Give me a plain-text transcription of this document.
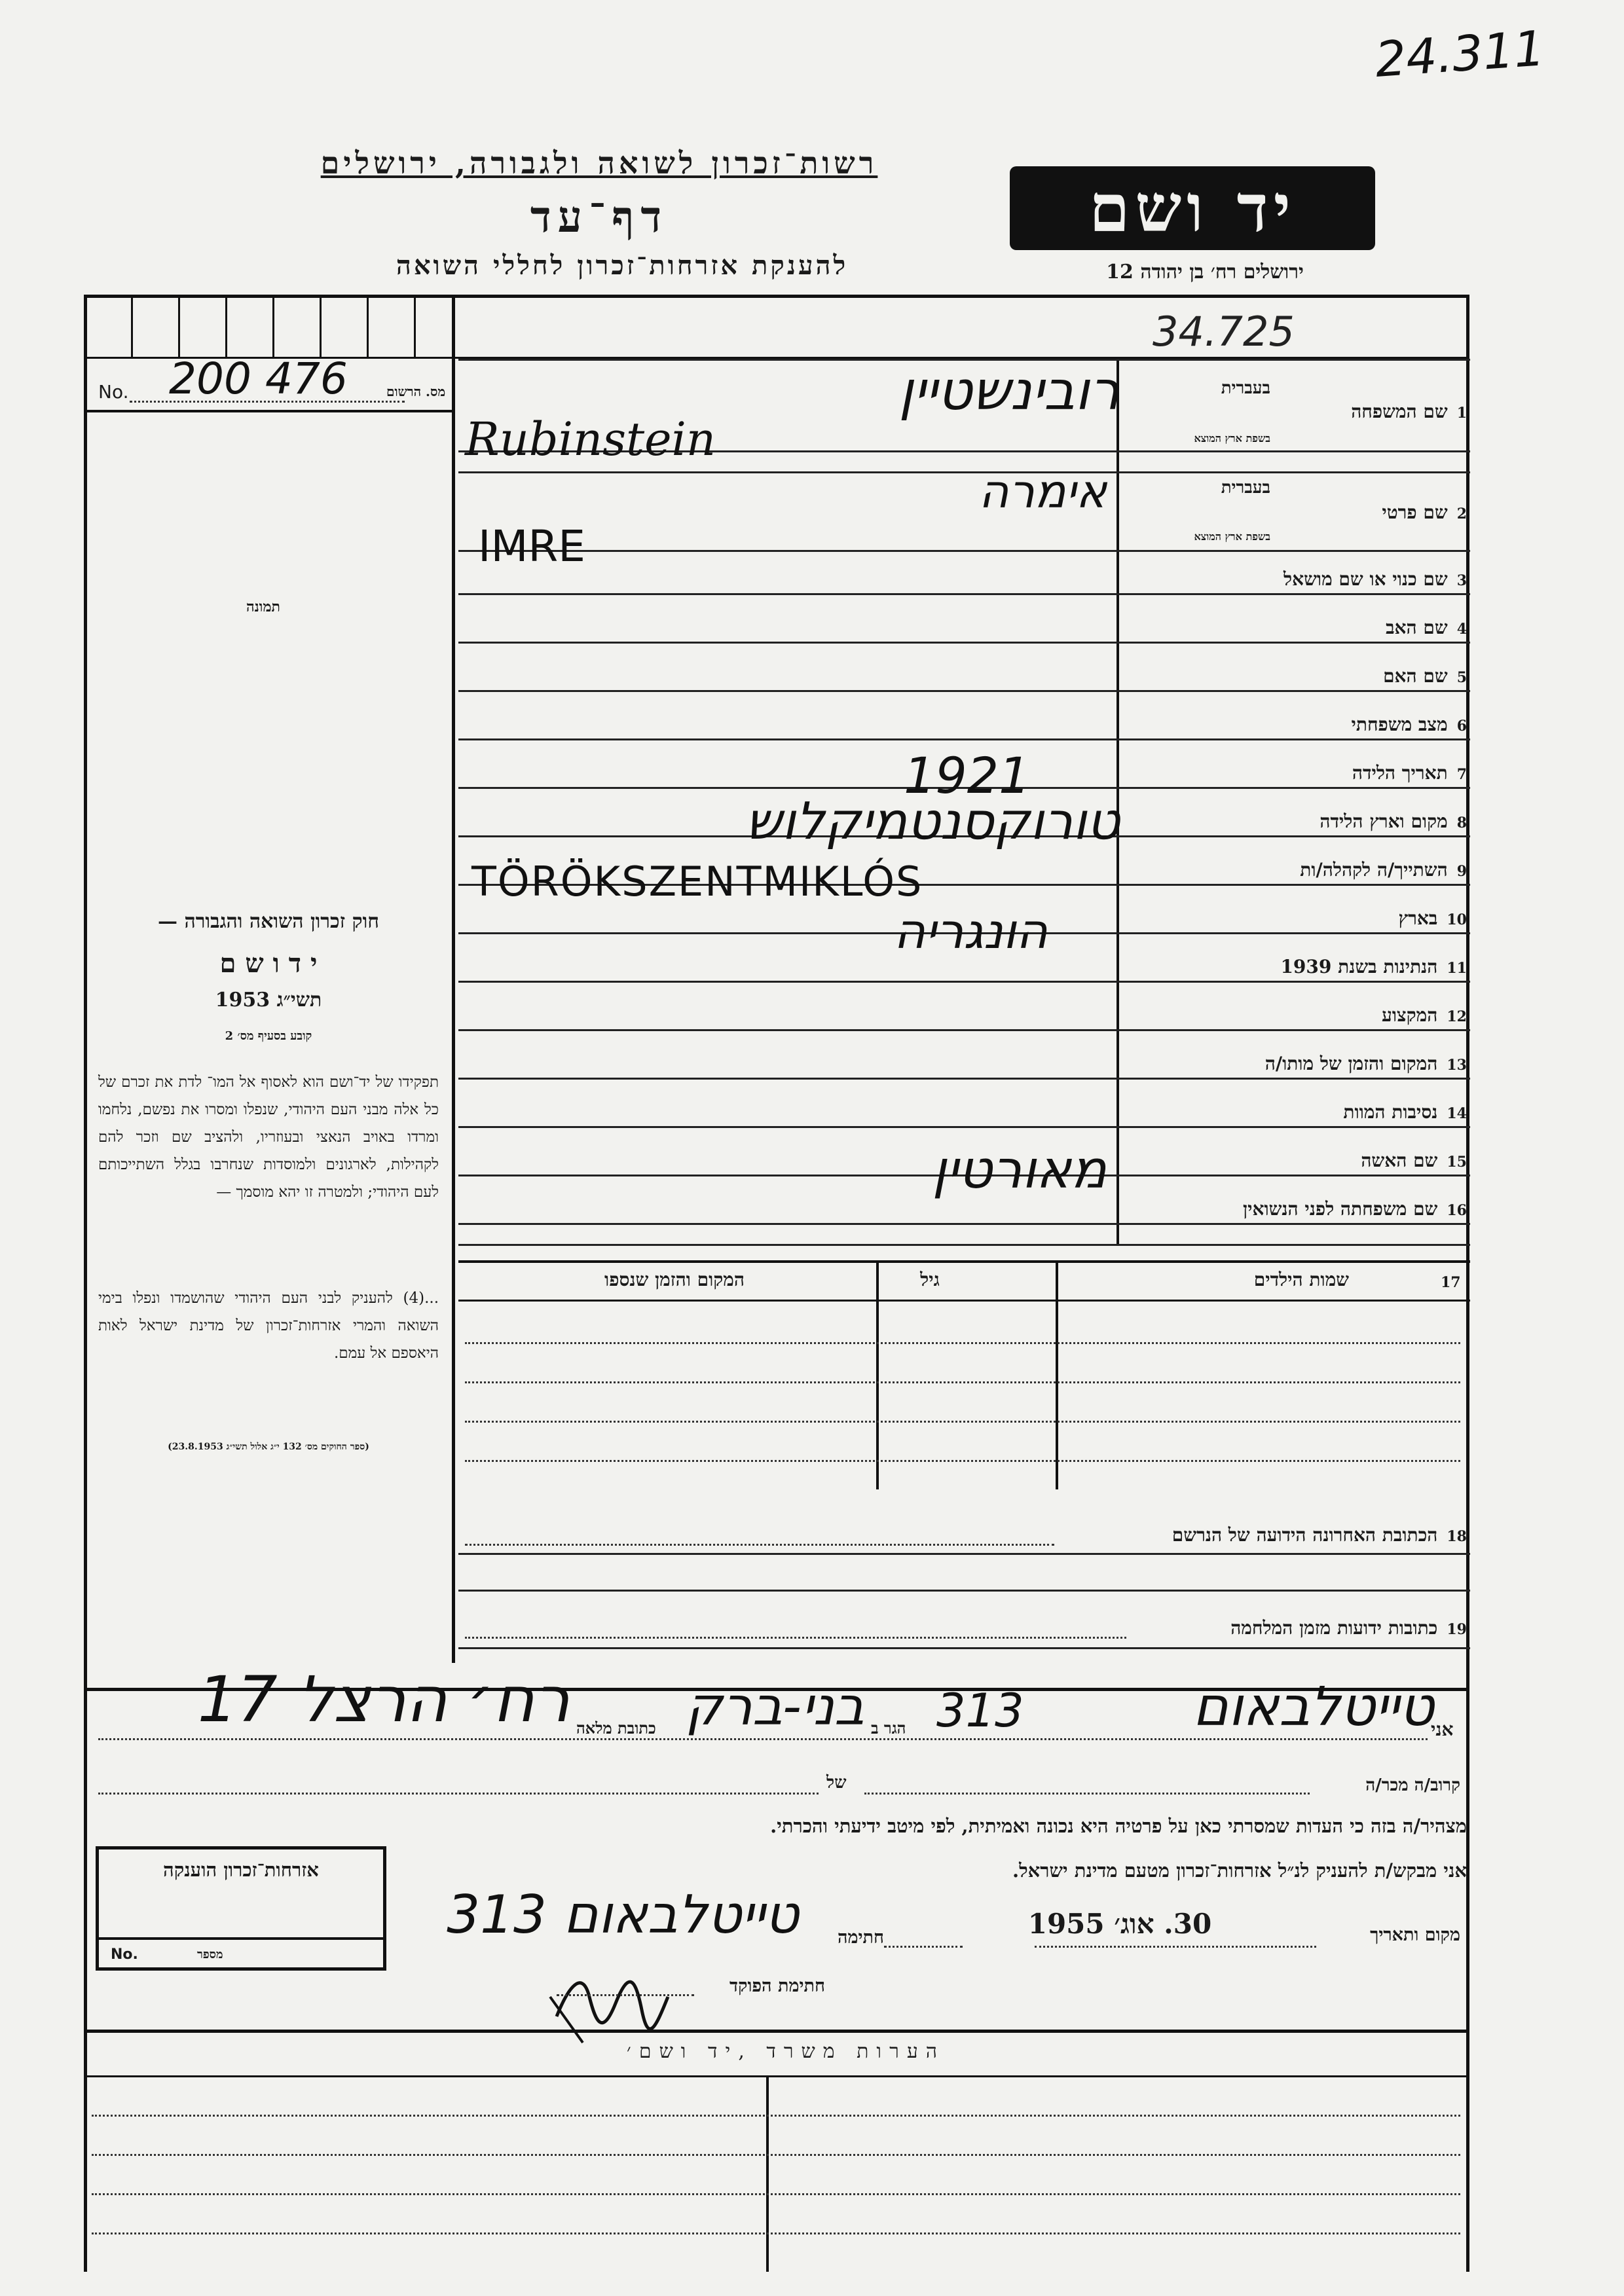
24.311
רשות־זכרון לשואה ולגבורה, ירושלים
דף־עד
להענקת אזרחות־זכרון לחללי השואה
יד ושם
ירושלים רח׳ בן יהודה 12
34.725
No. 200 476	מס. הרשום
תמונה
חוק זכרון השואה והגבורה —
י ד ו ש ם
תשי״ג 1953
קובע בסעיף מס׳ 2
תפקידו של יד־ושם הוא לאסוף אל המו־ לדת את זכרם של כל אלה מבני העם היהודי, שנפלו ומסרו את נפשם, נלחמו ומרדו באויב הנאצי ובעוזריו, ולהציב שם וזכר להם לקהילות, לארגונים ולמוסדות שנחרבו בגלל השתייכותם לעם היהודי; ולמטרה זו יהא מוסמך —
...(4) להעניק לבני העם היהודי שהושמדו ונפלו בימי השואה והמרי אזרחות־זכרון של מדינת ישראל לאות היאספם אל עמם.
(ספר החוקים מס׳ 132 י״ג אלול תשי״ג 23.8.1953)
1שם המשפחה
2שם פרטי
3שם כנוי או שם מושאל
4שם האב
5שם האם
6מצב משפחתי
7תאריך הלידה
8מקום וארץ הלידה
9השתייך/ה לקהלה/ות
10בארץ
11הנתינות בשנת 1939
12המקצוע
13המקום והזמן של מותו/ה
14נסיבות המוות
15שם האשה
16שם משפחתה לפני הנשואין
בעברית
בשפת ארץ המוצא
בעברית
בשפת ארץ המוצא
רובינשטיין
Rubinstein
אימרה
IMRE
1921
טורוקסנטמיקלוש
TÖRÖKSZENTMIKLÓS
הונגריה
מאורטין
17
שמות הילדים
גיל
המקום והזמן שנספו
18הכתובת האחרונה הידועה של הנרשם
19כתובות ידועות מזמן המלחמה
אני
טייטלבאום
313
הגר ב
בני-ברק
כתובת מלאה
רח׳ הרצל 17
קרוב/ה מכר/ה
של
מצהיר/ה בזה כי העדות שמסרתי כאן על פרטיה היא נכונה ואמיתית, לפי מיטב ידיעתי והכרתי.
אני מבקש/ת להעניק לנ״ל אזרחות־זכרון מטעם מדינת ישראל.
מקום ותאריך
30. אוג׳ 1955
חתימה
טייטלבאום 313
חתימת הפוקד
אזרחות־זכרון הוענקה
No.	מספר
הערות משרד ,יד ושם׳
